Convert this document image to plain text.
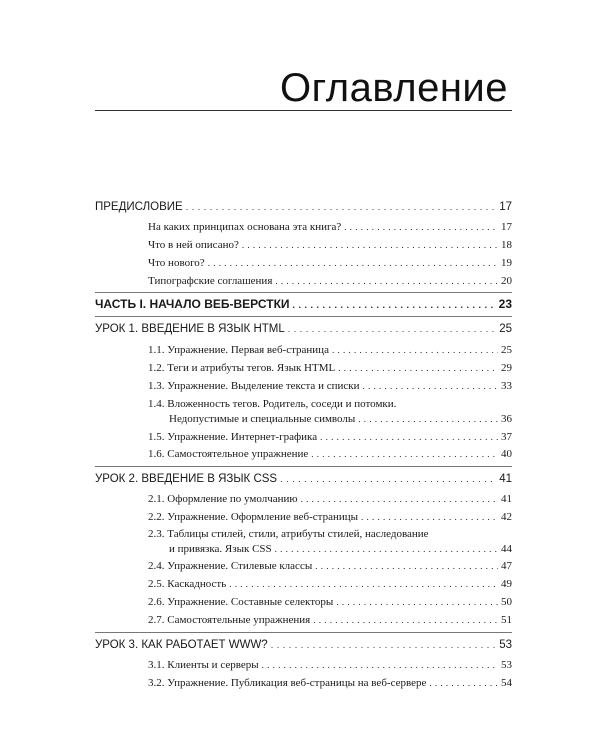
Оглавление
ПРЕДИСЛОВИЕ . . .	17
На каких принципах основана эта книга? . . .	17
Что в ней описано? . . .	18
Что нового? . . .	19
Типографские соглашения . . .	20
ЧАСТЬ I. НАЧАЛО ВЕБ-ВЕРСТКИ . . .	23
УРОК 1. ВВЕДЕНИЕ В ЯЗЫК HTML . . .	25
1.1. Упражнение. Первая веб-страница . . .	25
1.2. Теги и атрибуты тегов. Язык HTML . . .	29
1.3. Упражнение. Выделение текста и списки . . .	33
1.4. Вложенность тегов. Родитель, соседи и потомки.
Недопустимые и специальные символы . . .	36
1.5. Упражнение. Интернет-графика . . .	37
1.6. Самостоятельное упражнение . . .	40
УРОК 2. ВВЕДЕНИЕ В ЯЗЫК CSS . . .	41
2.1. Оформление по умолчанию . . .	41
2.2. Упражнение. Оформление веб-страницы . . .	42
2.3. Таблицы стилей, стили, атрибуты стилей, наследование
и привязка. Язык CSS . . .	44
2.4. Упражнение. Стилевые классы . . .	47
2.5. Каскадность . . .	49
2.6. Упражнение. Составные селекторы . . .	50
2.7. Самостоятельные упражнения . . .	51
УРОК 3. КАК РАБОТАЕТ WWW? . . .	53
3.1. Клиенты и серверы . . .	53
3.2. Упражнение. Публикация веб-страницы на веб-сервере . . .	54
